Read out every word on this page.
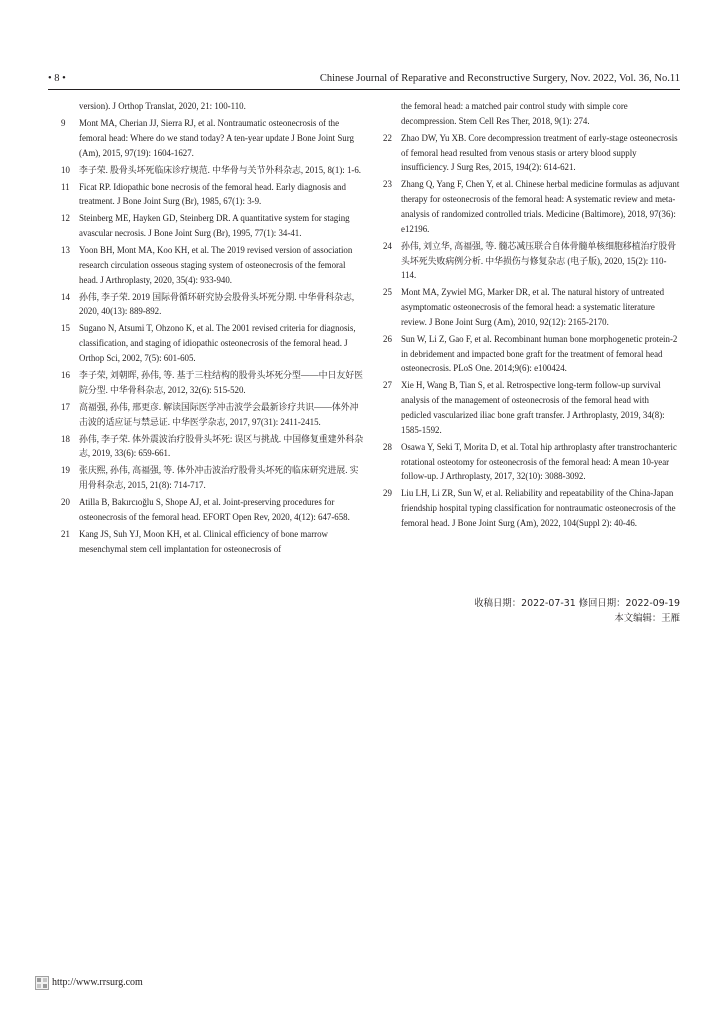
• 8 •	Chinese Journal of Reparative and Reconstructive Surgery, Nov. 2022, Vol. 36, No.11
version). J Orthop Translat, 2020, 21: 100-110.
9 Mont MA, Cherian JJ, Sierra RJ, et al. Nontraumatic osteonecrosis of the femoral head: Where do we stand today? A ten-year update J Bone Joint Surg (Am), 2015, 97(19): 1604-1627.
10 李子荣. 股骨头坏死临床诊疗规范. 中华骨与关节外科杂志, 2015, 8(1): 1-6.
11 Ficat RP. Idiopathic bone necrosis of the femoral head. Early diagnosis and treatment. J Bone Joint Surg (Br), 1985, 67(1): 3-9.
12 Steinberg ME, Hayken GD, Steinberg DR. A quantitative system for staging avascular necrosis. J Bone Joint Surg (Br), 1995, 77(1): 34-41.
13 Yoon BH, Mont MA, Koo KH, et al. The 2019 revised version of association research circulation osseous staging system of osteonecrosis of the femoral head. J Arthroplasty, 2020, 35(4): 933-940.
14 孙伟, 李子荣. 2019 国际骨循环研究协会股骨头坏死分期. 中华骨科杂志, 2020, 40(13): 889-892.
15 Sugano N, Atsumi T, Ohzono K, et al. The 2001 revised criteria for diagnosis, classification, and staging of idiopathic osteonecrosis of the femoral head. J Orthop Sci, 2002, 7(5): 601-605.
16 李子荣, 刘朝晖, 孙伟, 等. 基于三柱结构的股骨头坏死分型——中日友好医院分型. 中华骨科杂志, 2012, 32(6): 515-520.
17 高福强, 孙伟, 邢更彦. 解读国际医学冲击波学会最新诊疗共识——体外冲击波的适应证与禁忌证. 中华医学杂志, 2017, 97(31): 2411-2415.
18 孙伟, 李子荣. 体外震波治疗股骨头坏死: 误区与挑战. 中国修复重建外科杂志, 2019, 33(6): 659-661.
19 张庆熙, 孙伟, 高福强, 等. 体外冲击波治疗股骨头坏死的临床研究进展. 实用骨科杂志, 2015, 21(8): 714-717.
20 Atilla B, Bakırcıoğlu S, Shope AJ, et al. Joint-preserving procedures for osteonecrosis of the femoral head. EFORT Open Rev, 2020, 4(12): 647-658.
21 Kang JS, Suh YJ, Moon KH, et al. Clinical efficiency of bone marrow mesenchymal stem cell implantation for osteonecrosis of
the femoral head: a matched pair control study with simple core decompression. Stem Cell Res Ther, 2018, 9(1): 274.
22 Zhao DW, Yu XB. Core decompression treatment of early-stage osteonecrosis of femoral head resulted from venous stasis or artery blood supply insufficiency. J Surg Res, 2015, 194(2): 614-621.
23 Zhang Q, Yang F, Chen Y, et al. Chinese herbal medicine formulas as adjuvant therapy for osteonecrosis of the femoral head: A systematic review and meta-analysis of randomized controlled trials. Medicine (Baltimore), 2018, 97(36): e12196.
24 孙伟, 刘立华, 高福强, 等. 髓芯减压联合自体骨髓单核细胞移植治疗股骨头坏死失败病例分析. 中华损伤与修复杂志 (电子版), 2020, 15(2): 110-114.
25 Mont MA, Zywiel MG, Marker DR, et al. The natural history of untreated asymptomatic osteonecrosis of the femoral head: a systematic literature review. J Bone Joint Surg (Am), 2010, 92(12): 2165-2170.
26 Sun W, Li Z, Gao F, et al. Recombinant human bone morphogenetic protein-2 in debridement and impacted bone graft for the treatment of femoral head osteonecrosis. PLoS One. 2014;9(6): e100424.
27 Xie H, Wang B, Tian S, et al. Retrospective long-term follow-up survival analysis of the management of osteonecrosis of the femoral head with pedicled vascularized iliac bone graft transfer. J Arthroplasty, 2019, 34(8): 1585-1592.
28 Osawa Y, Seki T, Morita D, et al. Total hip arthroplasty after transtrochanteric rotational osteotomy for osteonecrosis of the femoral head: A mean 10-year follow-up. J Arthroplasty, 2017, 32(10): 3088-3092.
29 Liu LH, Li ZR, Sun W, et al. Reliability and repeatability of the China-Japan friendship hospital typing classification for nontraumatic osteonecrosis of the femoral head. J Bone Joint Surg (Am), 2022, 104(Suppl 2): 40-46.
收稿日期：2022-07-31 修回日期：2022-09-19
本文编辑：王雁
http://www.rrsurg.com
